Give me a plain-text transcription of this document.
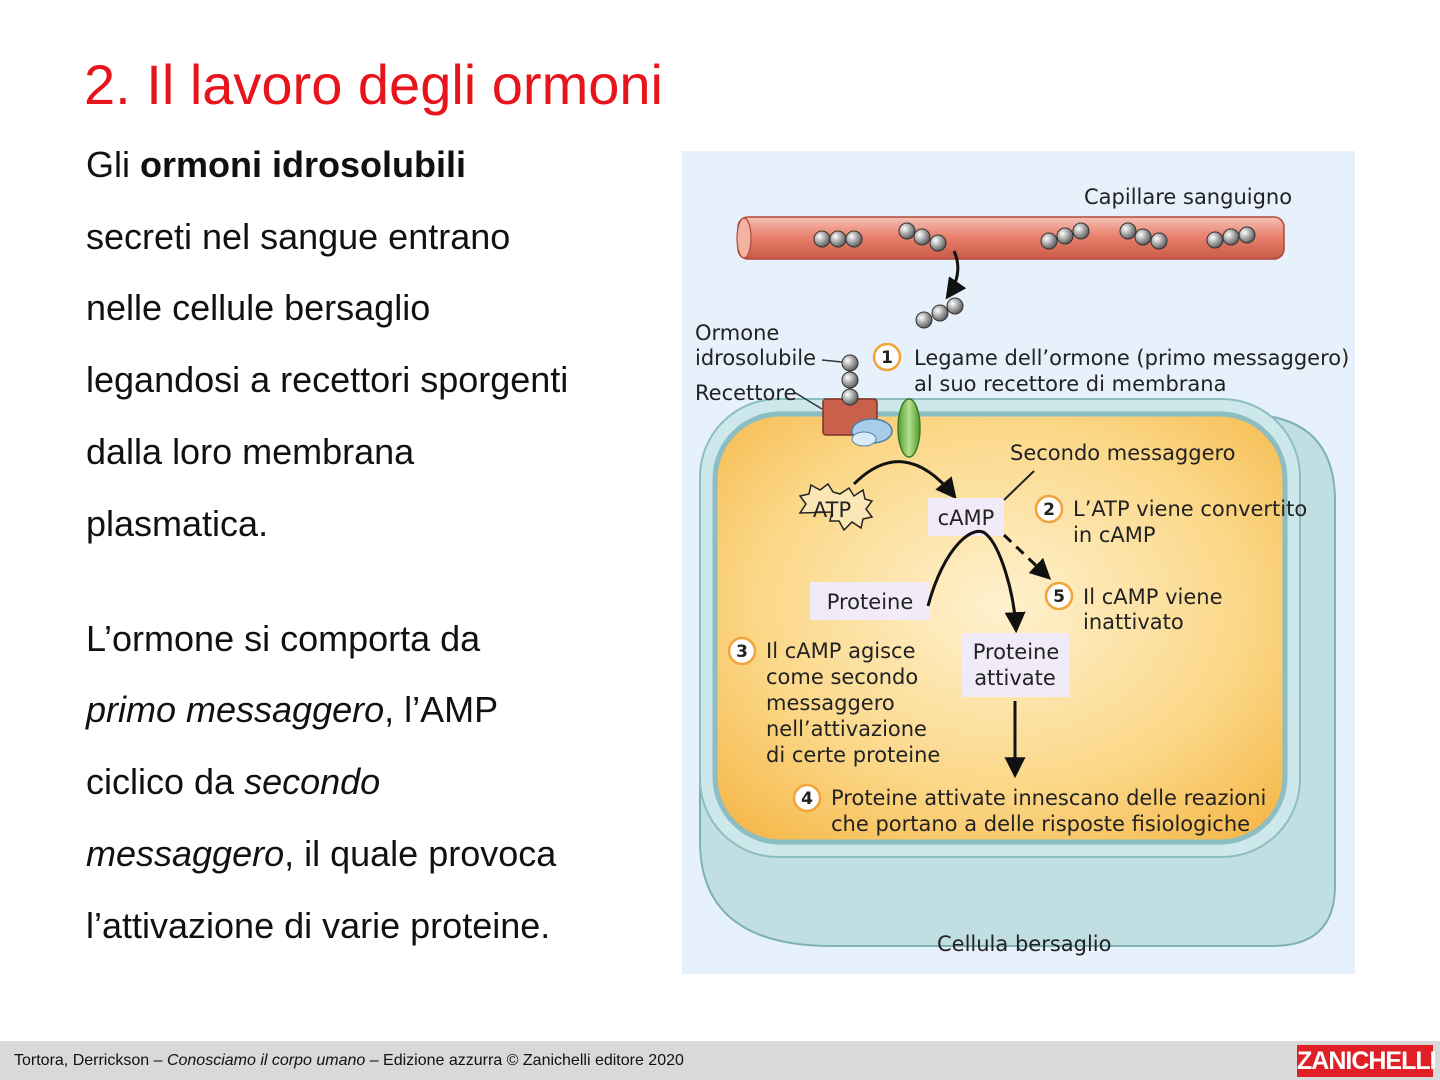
2. Il lavoro degli ormoni

Gli ormoni idrosolubili

secreti nel sangue entrano

nelle cellule bersaglio

legandosi a recettori sporgenti

dalla loro membrana

plasmatica.

L’ormone si comporta da

primo messaggero, l’AMP

ciclico da secondo

messaggero, il quale provoca

l’attivazione di varie proteine.

Capillare sanguigno
Ormone
idrosolubile
Recettore
1 Legame dell’ormone (primo messaggero)
al suo recettore di membrana
ATP	cAMP
Secondo messaggero
2 L’ATP viene convertito
in cAMP
5 Il cAMP viene
inattivato
Proteine
Proteine
attivate
3 Il cAMP agisce
come secondo
messaggero
nell’attivazione
di certe proteine
4 Proteine attivate innescano delle reazioni
che portano a delle risposte fisiologiche
Cellula bersaglio
Tortora, Derrickson – Conosciamo il corpo umano – Edizione azzurra © Zanichelli editore 2020	ZANICHELLI
